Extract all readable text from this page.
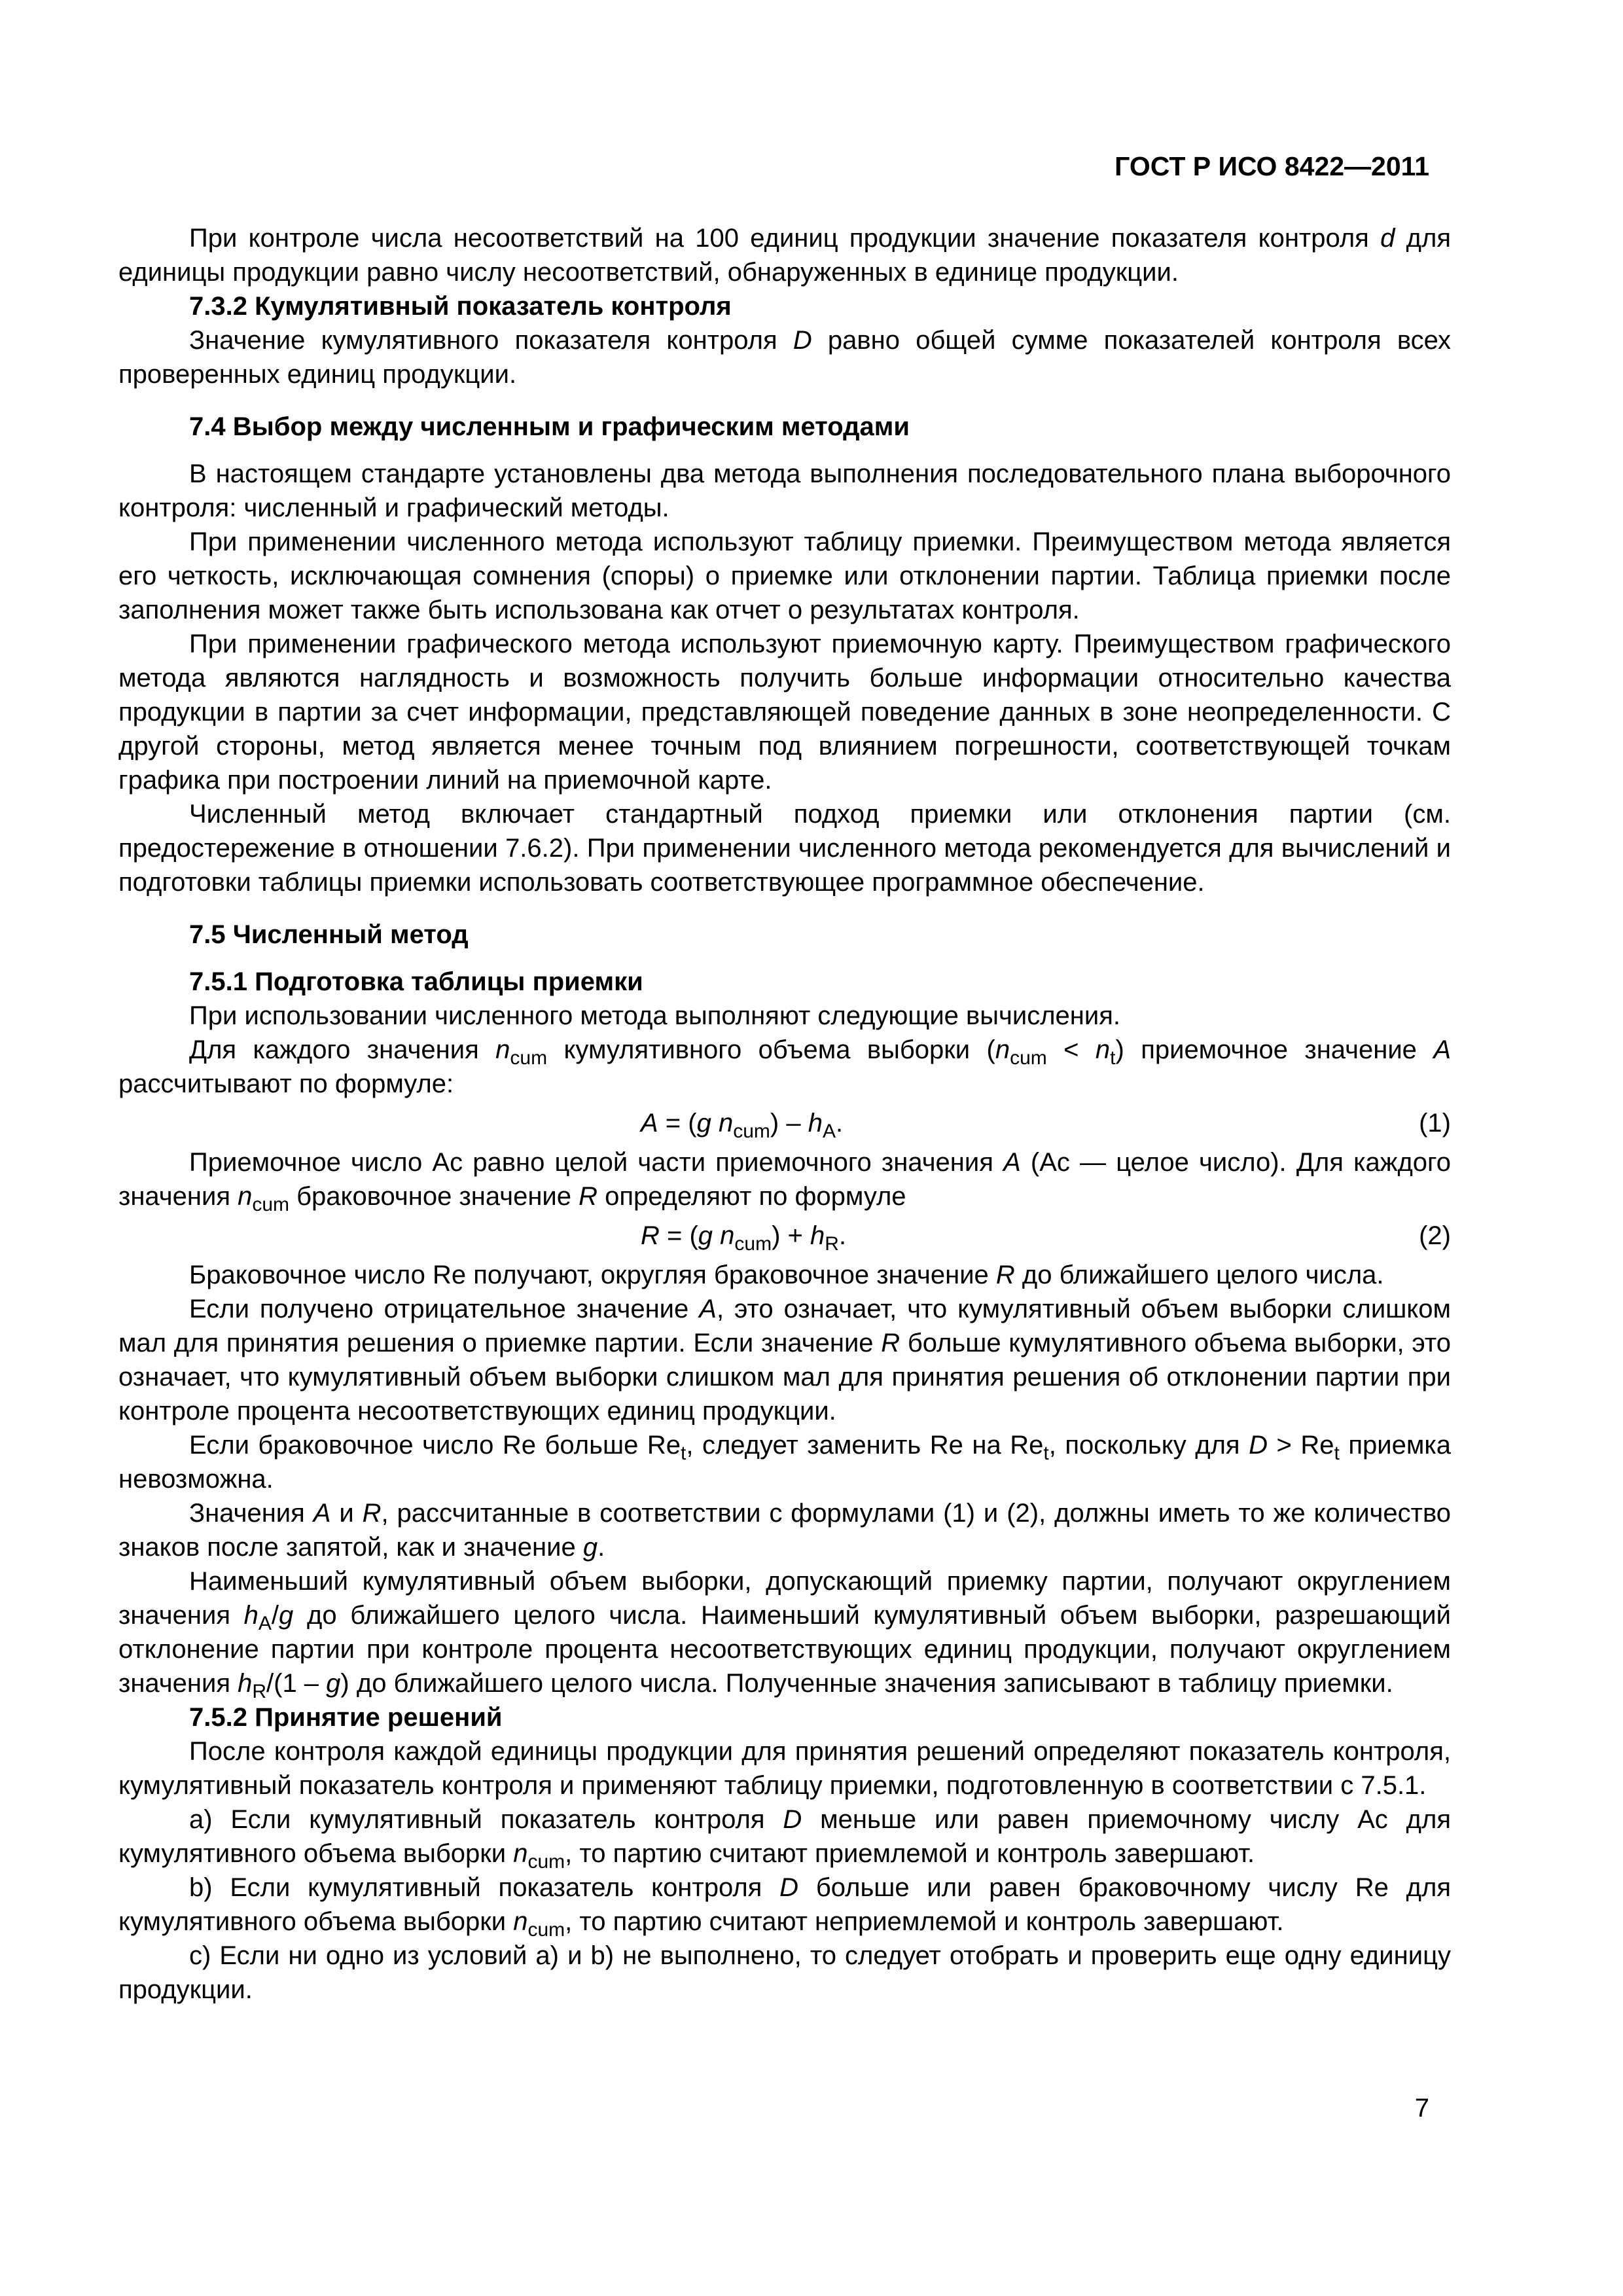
ГОСТ Р ИСО 8422—2011

При контроле числа несоответствий на 100 единиц продукции значение показателя контроля d для единицы продукции равно числу несоответствий, обнаруженных в единице продукции.

7.3.2 Кумулятивный показатель контроля

Значение кумулятивного показателя контроля D равно общей сумме показателей контроля всех проверенных единиц продукции.

7.4 Выбор между численным и графическим методами

В настоящем стандарте установлены два метода выполнения последовательного плана выборочного контроля: численный и графический методы.

При применении численного метода используют таблицу приемки. Преимуществом метода является его четкость, исключающая сомнения (споры) о приемке или отклонении партии. Таблица приемки после заполнения может также быть использована как отчет о результатах контроля.

При применении графического метода используют приемочную карту. Преимуществом графического метода являются наглядность и возможность получить больше информации относительно качества продукции в партии за счет информации, представляющей поведение данных в зоне неопределенности. С другой стороны, метод является менее точным под влиянием погрешности, соответствующей точкам графика при построении линий на приемочной карте.

Численный метод включает стандартный подход приемки или отклонения партии (см. предостережение в отношении 7.6.2). При применении численного метода рекомендуется для вычислений и подготовки таблицы приемки использовать соответствующее программное обеспечение.

7.5 Численный метод

7.5.1 Подготовка таблицы приемки

При использовании численного метода выполняют следующие вычисления.

Для каждого значения $n_{cum}$ кумулятивного объема выборки $(n_{cum} < n_t)$ приемочное значение A рассчитывают по формуле:

A = (g $n_{cum}) - h_A$.	(1)

Приемочное число Ас равно целой части приемочного значения A (Ас — целое число). Для каждого значения $n_{cum}$ браковочное значение R определяют по формуле

R = (g $n_{cum}) + h_R$.	(2)

Браковочное число Re получают, округляя браковочное значение R до ближайшего целого числа.

Если получено отрицательное значение A, это означает, что кумулятивный объем выборки слишком мал для принятия решения о приемке партии. Если значение R больше кумулятивного объема выборки, это означает, что кумулятивный объем выборки слишком мал для принятия решения об отклонении партии при контроле процента несоответствующих единиц продукции.

Если браковочное число Re больше $Re_t$, следует заменить Re на $Re_t$, поскольку для $D > Re_t$ приемка невозможна.

Значения A и R, рассчитанные в соответствии с формулами (1) и (2), должны иметь то же количество знаков после запятой, как и значение g.

Наименьший кумулятивный объем выборки, допускающий приемку партии, получают округлением значения $h_A/g$ до ближайшего целого числа. Наименьший кумулятивный объем выборки, разрешающий отклонение партии при контроле процента несоответствующих единиц продукции, получают округлением значения $h_R/(1 - g)$ до ближайшего целого числа. Полученные значения записывают в таблицу приемки.

7.5.2 Принятие решений

После контроля каждой единицы продукции для принятия решений определяют показатель контроля, кумулятивный показатель контроля и применяют таблицу приемки, подготовленную в соответствии с 7.5.1.

a) Если кумулятивный показатель контроля D меньше или равен приемочному числу Ас для кумулятивного объема выборки $n_{cum}$, то партию считают приемлемой и контроль завершают.

b) Если кумулятивный показатель контроля D больше или равен браковочному числу Re для кумулятивного объема выборки $n_{cum}$, то партию считают неприемлемой и контроль завершают.

c) Если ни одно из условий a) и b) не выполнено, то следует отобрать и проверить еще одну единицу продукции.

7
